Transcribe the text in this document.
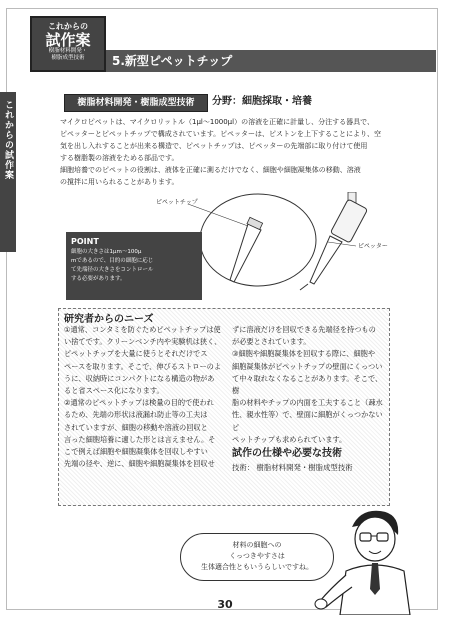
これからの試作案
これからの
試作案
樹脂材料開発・
樹脂成型技術	5.新型ピペットチップ
樹脂材料開発・樹脂成型技術	分野：細胞採取・培養

マイクロピペットは、マイクロリットル（1μl〜1000μl）の溶液を正確に計量し、分注する器具で、

ピペッターとピペットチップで構成されています。ピペッターは、ピストンを上下することにより、空

気を出し入れすることが出来る構造で、ピペットチップは、ピペッターの先端部に取り付けて使用

する樹脂製の溶液をためる部品です。

細胞培養でのピペットの役割は、液体を正確に測るだけでなく、細胞や細胞凝集体の移動、溶液

の撹拌に用いられることがあります。

ピペットチップ
ピペッター
POINT
細胞の大きさは1μm〜100μ
mであるので、目的の細胞に応じ
て先端径の大きさをコントロール
する必要があります。
研究者からのニーズ

①通常、コンタミを防ぐためピペットチップは使

い捨てです。クリーンベンチ内や実験机は狭く、

ピペットチップを大量に使うとそれだけでス

ペースを取ります。そこで、伸びるストローのよ

うに、収納時にコンパクトになる構造の物があ

ると省スペース化になります。

②通常のピペットチップは検量の目的で使われ

るため、先端の形状は液漏れ防止等の工夫は

されていますが、細胞の移動や溶液の回収と

言った細胞培養に適した形とは言えません。そ

こで例えば細胞や細胞凝集体を回収しやすい

先端の径や、逆に、細胞や細胞凝集体を回収せ

ずに溶液だけを回収できる先端径を持つもの

が必要とされています。

③細胞や細胞凝集体を回収する際に、細胞や

細胞凝集体がピペットチップの壁面にくっつい

て中々取れなくなることがあります。そこで、樹

脂の材料やチップの内面を工夫すること（疎水

性、親水性等）で、壁面に細胞がくっつかないピ

ペットチップも求められています。

試作の仕様や必要な技術
技術： 樹脂材料開発・樹脂成型技術
材料の細胞への
くっつきやすさは
生体適合性ともいうらしいですね。
30
